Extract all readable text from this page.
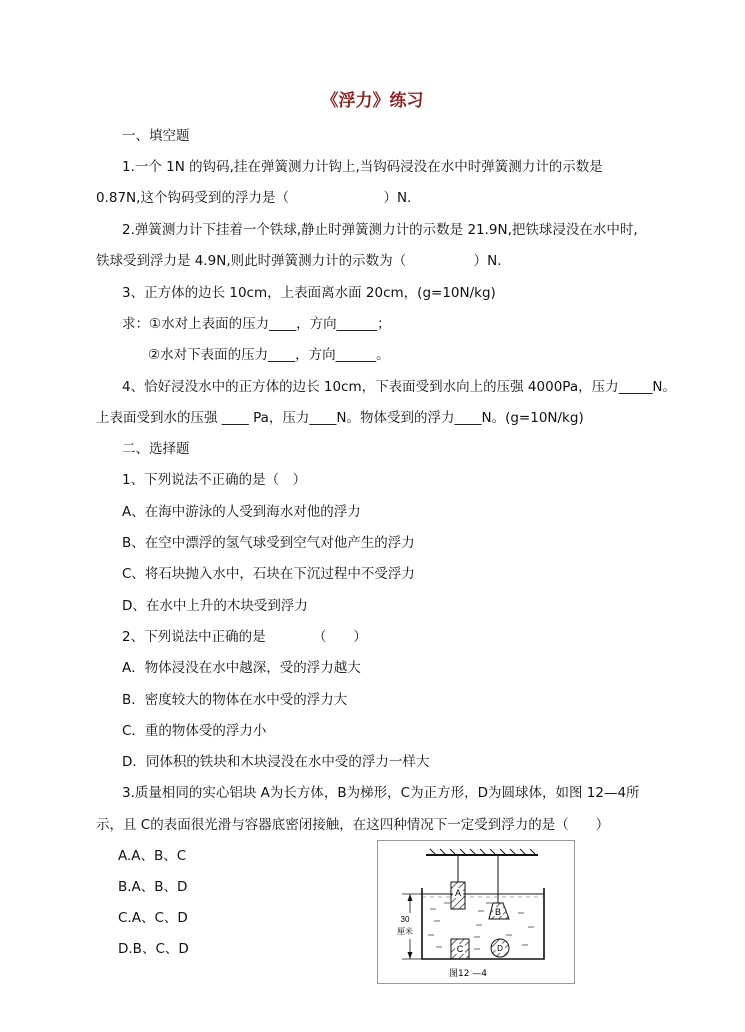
《浮力》练习
一、填空题
1.一个 1N 的钩码,挂在弹簧测力计钩上,当钩码浸没在水中时弹簧测力计的示数是
0.87N,这个钩码受到的浮力是（　　　　　　　）N.
2.弹簧测力计下挂着一个铁球,静止时弹簧测力计的示数是 21.9N,把铁球浸没在水中时,
铁球受到浮力是 4.9N,则此时弹簧测力计的示数为（　　　　　）N.
3、正方体的边长 10cm，上表面离水面 20cm，(g=10N/kg)
求：①水对上表面的压力____，方向______；
②水对下表面的压力____，方向______。
4、恰好浸没水中的正方体的边长 10cm，下表面受到水向上的压强 4000Pa，压力_____N。
上表面受到水的压强 ____ Pa，压力____N。物体受到的浮力____N。(g=10N/kg)
二、选择题
1、下列说法不正确的是（　）
A、在海中游泳的人受到海水对他的浮力
B、在空中漂浮的氢气球受到空气对他产生的浮力
C、将石块抛入水中，石块在下沉过程中不受浮力
D、在水中上升的木块受到浮力
2、下列说法中正确的是　　　　（　　）
A．物体浸没在水中越深，受的浮力越大
B．密度较大的物体在水中受的浮力大
C．重的物体受的浮力小
D．同体积的铁块和木块浸没在水中受的浮力一样大
3.质量相同的实心铝块 A为长方体，B为梯形，C为正方形，D为圆球体，如图 12—4所
示，且 C的表面很光滑与容器底密闭接触，在这四种情况下一定受到浮力的是（　　）
A.A、B、C
B.A、B、D
C.A、C、D
D.B、C、D
A
B
C	D
30
厘米
图12 —4
